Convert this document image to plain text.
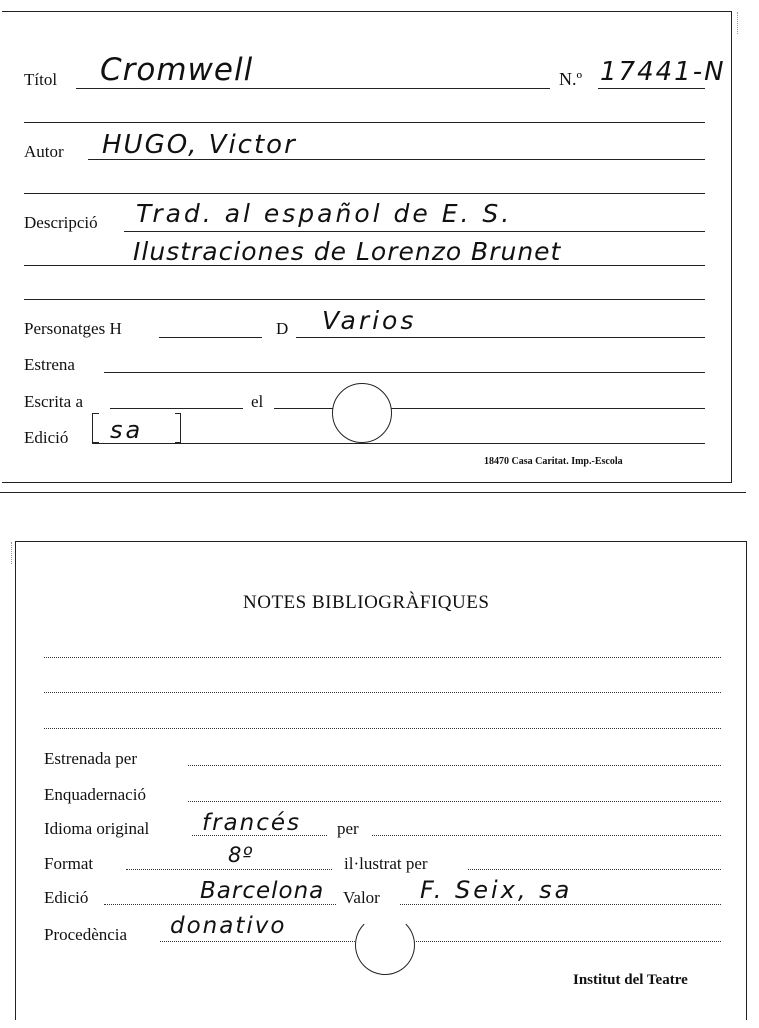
Títol Cromwell	N.º 17441-N
Autor HUGO, Victor
Descripció Trad. al español de E. S.
Ilustraciones de Lorenzo Brunet
Personatges H	D Varios
Estrena
Escrita a	el
Edició sa
18470 Casa Caritat. Imp.-Escola
NOTES BIBLIOGRÀFIQUES
Estrenada per
Enquadernació
Idioma original francés per
Format	8º	il·lustrat per
Edició	Barcelona Valor F. Seix, sa
Procedència donativo
Institut del Teatre
